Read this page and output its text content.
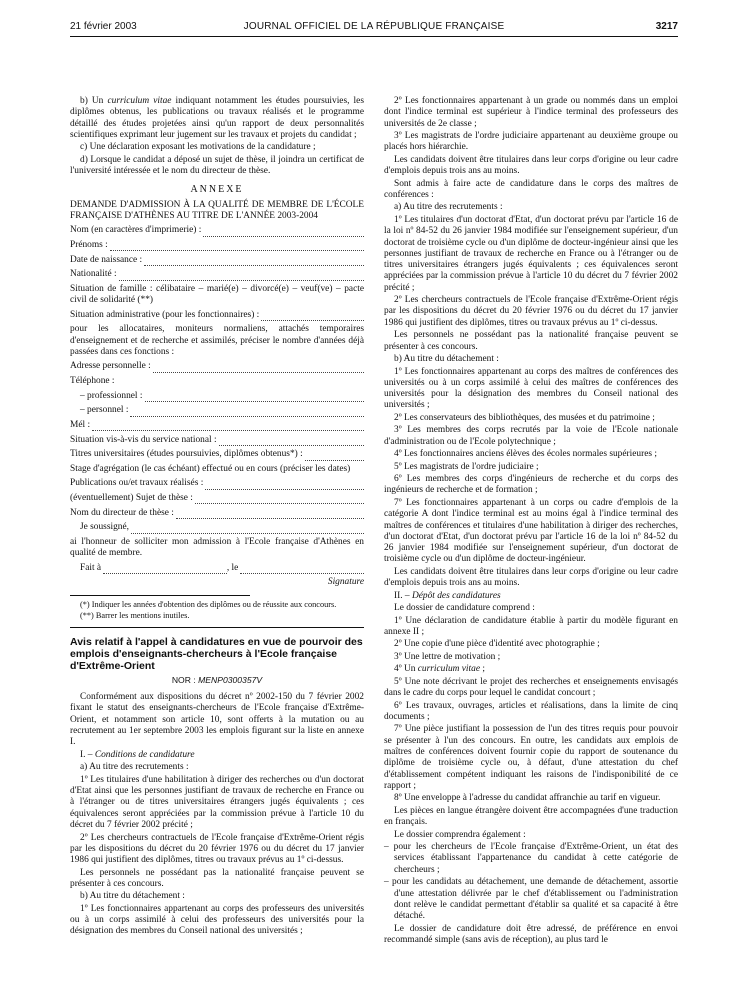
21 février 2003	JOURNAL OFFICIEL DE LA RÉPUBLIQUE FRANÇAISE	3217

b) Un curriculum vitae indiquant notamment les études poursuivies, les diplômes obtenus, les publications ou travaux réalisés et le programme détaillé des études projetées ainsi qu'un rapport de deux personnalités scientifiques exprimant leur jugement sur les travaux et projets du candidat ;

c) Une déclaration exposant les motivations de la candidature ;

d) Lorsque le candidat a déposé un sujet de thèse, il joindra un certificat de l'université intéressée et le nom du directeur de thèse.

ANNEXE
DEMANDE D'ADMISSION À LA QUALITÉ DE MEMBRE DE L'ÉCOLE FRANÇAISE D'ATHÈNES AU TITRE DE L'ANNÉE 2003-2004
Nom (en caractères d'imprimerie) :
Prénoms :
Date de naissance :
Nationalité :
Situation de famille : célibataire – marié(e) – divorcé(e) – veuf(ve) – pacte civil de solidarité (**)
Situation administrative (pour les fonctionnaires) :
pour les allocataires, moniteurs normaliens, attachés temporaires d'enseignement et de recherche et assimilés, préciser le nombre d'années déjà passées dans ces fonctions :
Adresse personnelle :
Téléphone :
– professionnel :
– personnel :
Mél :
Situation vis-à-vis du service national :
Titres universitaires (études poursuivies, diplômes obtenus*) :
Stage d'agrégation (le cas échéant) effectué ou en cours (préciser les dates)
Publications ou/et travaux réalisés :
(éventuellement) Sujet de thèse :
Nom du directeur de thèse :
Je soussigné,
ai l'honneur de solliciter mon admission à l'Ecole française d'Athènes en qualité de membre.
Fait à	, le
Signature

(*) Indiquer les années d'obtention des diplômes ou de réussite aux concours.

(**) Barrer les mentions inutiles.

Avis relatif à l'appel à candidatures en vue de pourvoir des emplois d'enseignants-chercheurs à l'Ecole française d'Extrême-Orient
NOR : MENP0300357V

Conformément aux dispositions du décret nº 2002-150 du 7 février 2002 fixant le statut des enseignants-chercheurs de l'Ecole française d'Extrême-Orient, et notamment son article 10, sont offerts à la mutation ou au recrutement au 1er septembre 2003 les emplois figurant sur la liste en annexe I.

I. – Conditions de candidature

a) Au titre des recrutements :

1º Les titulaires d'une habilitation à diriger des recherches ou d'un doctorat d'Etat ainsi que les personnes justifiant de travaux de recherche en France ou à l'étranger ou de titres universitaires étrangers jugés équivalents ; ces équivalences seront appréciées par la commission prévue à l'article 10 du décret du 7 février 2002 précité ;

2º Les chercheurs contractuels de l'Ecole française d'Extrême-Orient régis par les dispositions du décret du 20 février 1976 ou du décret du 17 janvier 1986 qui justifient des diplômes, titres ou travaux prévus au 1º ci-dessus.

Les personnels ne possédant pas la nationalité française peuvent se présenter à ces concours.

b) Au titre du détachement :

1º Les fonctionnaires appartenant au corps des professeurs des universités ou à un corps assimilé à celui des professeurs des universités pour la désignation des membres du Conseil national des universités ;

2º Les fonctionnaires appartenant à un grade ou nommés dans un emploi dont l'indice terminal est supérieur à l'indice terminal des professeurs des universités de 2e classe ;

3º Les magistrats de l'ordre judiciaire appartenant au deuxième groupe ou placés hors hiérarchie.

Les candidats doivent être titulaires dans leur corps d'origine ou leur cadre d'emplois depuis trois ans au moins.

Sont admis à faire acte de candidature dans le corps des maîtres de conférences :

a) Au titre des recrutements :

1º Les titulaires d'un doctorat d'Etat, d'un doctorat prévu par l'article 16 de la loi nº 84-52 du 26 janvier 1984 modifiée sur l'enseignement supérieur, d'un doctorat de troisième cycle ou d'un diplôme de docteur-ingénieur ainsi que les personnes justifiant de travaux de recherche en France ou à l'étranger ou de titres universitaires étrangers jugés équivalents ; ces équivalences seront appréciées par la commission prévue à l'article 10 du décret du 7 février 2002 précité ;

2º Les chercheurs contractuels de l'Ecole française d'Extrême-Orient régis par les dispositions du décret du 20 février 1976 ou du décret du 17 janvier 1986 qui justifient des diplômes, titres ou travaux prévus au 1º ci-dessus.

Les personnels ne possédant pas la nationalité française peuvent se présenter à ces concours.

b) Au titre du détachement :

1º Les fonctionnaires appartenant au corps des maîtres de conférences des universités ou à un corps assimilé à celui des maîtres de conférences des universités pour la désignation des membres du Conseil national des universités ;

2º Les conservateurs des bibliothèques, des musées et du patrimoine ;

3º Les membres des corps recrutés par la voie de l'Ecole nationale d'administration ou de l'Ecole polytechnique ;

4º Les fonctionnaires anciens élèves des écoles normales supérieures ;

5º Les magistrats de l'ordre judiciaire ;

6º Les membres des corps d'ingénieurs de recherche et du corps des ingénieurs de recherche et de formation ;

7º Les fonctionnaires appartenant à un corps ou cadre d'emplois de la catégorie A dont l'indice terminal est au moins égal à l'indice terminal des maîtres de conférences et titulaires d'une habilitation à diriger des recherches, d'un doctorat d'Etat, d'un doctorat prévu par l'article 16 de la loi nº 84-52 du 26 janvier 1984 modifiée sur l'enseignement supérieur, d'un doctorat de troisième cycle ou d'un diplôme de docteur-ingénieur.

Les candidats doivent être titulaires dans leur corps d'origine ou leur cadre d'emplois depuis trois ans au moins.

II. – Dépôt des candidatures

Le dossier de candidature comprend :

1º Une déclaration de candidature établie à partir du modèle figurant en annexe II ;

2º Une copie d'une pièce d'identité avec photographie ;

3º Une lettre de motivation ;

4º Un curriculum vitae ;

5º Une note décrivant le projet des recherches et enseignements envisagés dans le cadre du corps pour lequel le candidat concourt ;

6º Les travaux, ouvrages, articles et réalisations, dans la limite de cinq documents ;

7º Une pièce justifiant la possession de l'un des titres requis pour pouvoir se présenter à l'un des concours. En outre, les candidats aux emplois de maîtres de conférences doivent fournir copie du rapport de soutenance du diplôme de troisième cycle ou, à défaut, d'une attestation du chef d'établissement compétent indiquant les raisons de l'indisponibilité de ce rapport ;

8º Une enveloppe à l'adresse du candidat affranchie au tarif en vigueur.

Les pièces en langue étrangère doivent être accompagnées d'une traduction en français.

Le dossier comprendra également :

– pour les chercheurs de l'Ecole française d'Extrême-Orient, un état des services établissant l'appartenance du candidat à cette catégorie de chercheurs ;

– pour les candidats au détachement, une demande de détachement, assortie d'une attestation délivrée par le chef d'établissement ou l'administration dont relève le candidat permettant d'établir sa qualité et sa capacité à être détaché.

Le dossier de candidature doit être adressé, de préférence en envoi recommandé simple (sans avis de réception), au plus tard le
